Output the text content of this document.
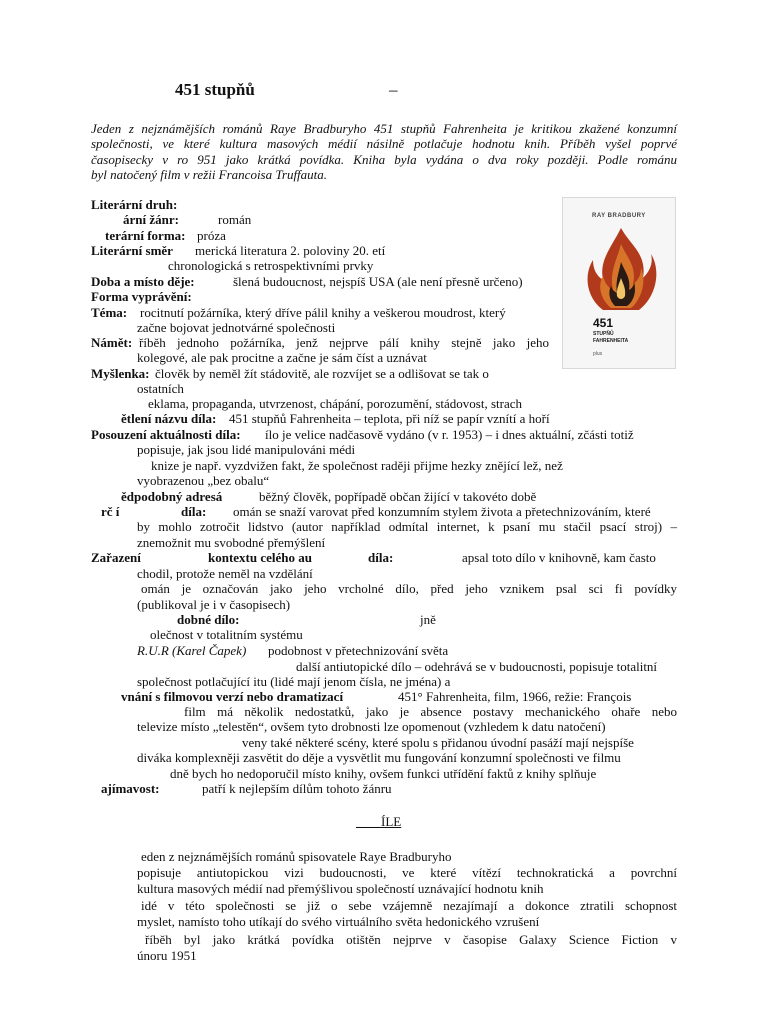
451 stupňů	–
Jeden z nejznámějších románů Raye Bradburyho 451 stupňů Fahrenheita je kritikou zkažené konzumní
společnosti, ve které kultura masových médií násilně potlačuje hodnotu knih. Příběh vyšel poprvé
časopisecky v ro 951 jako krátká povídka. Kniha byla vydána o dva roky později. Podle románu
byl natočený film v režii Francoisa Truffauta.
RAY BRADBURY
451
STUPŇŮ
FAHRENHEITA
plus
Literární druh:
ární žánr:	román
terární forma: próza
Literární směr merická literatura 2. poloviny 20. etí
chronologická s retrospektivními prvky
Doba a místo děje:	šlená budoucnost, nejspíš USA (ale není přesně určeno)
Forma vyprávění:
Téma: rocitnutí požárníka, který dříve pálil knihy a veškerou moudrost, který
začne bojovat jednotvárné společnosti
Námět: říběh jednoho požárníka, jenž nejprve pálí knihy stejně jako jeho
kolegové, ale pak procitne a začne je sám číst a uznávat
Myšlenka: člověk by neměl žít stádovitě, ale rozvíjet se a odlišovat se tak o
ostatních
eklama, propaganda, utvrzenost, chápání, porozumění, stádovost, strach
ětlení názvu díla: 451 stupňů Fahrenheita – teplota, při níž se papír vznítí a hoří
Posouzení aktuálnosti díla: ílo je velice nadčasově vydáno (v r. 1953) – i dnes aktuální, zčásti totiž
popisuje, jak jsou lidé manipulováni médi
knize je např. vyzdvižen fakt, že společnost raději přijme hezky znějící lež, než
vyobrazenou „bez obalu“
ědpodobný adresá	běžný člověk, popřípadě občan žijící v takovéto době
rč í	díla: omán se snaží varovat před konzumním stylem života a přetechnizováním, které
by mohlo zotročit lidstvo (autor například odmítal internet, k psaní mu stačil psací stroj) –
znemožnit mu svobodné přemýšlení
Zařazení	kontextu celého au	díla:	apsal toto dílo v knihovně, kam často
chodil, protože neměl na vzdělání
omán je označován jako jeho vrcholné dílo, před jeho vznikem psal sci fi povídky
(publikoval je i v časopisech)
dobné dílo:	jně
olečnost v totalitním systému
R.U.R (Karel Čapek) podobnost v přetechnizování světa
další antiutopické dílo – odehrává se v budoucnosti, popisuje totalitní
společnost potlačující itu (lidé mají jenom čísla, ne jména) a
vnání s filmovou verzí nebo dramatizací	451° Fahrenheita, film, 1966, režie: François
film má několik nedostatků, jako je absence postavy mechanického ohaře nebo
televize místo „telestěn“, ovšem tyto drobnosti lze opomenout (vzhledem k datu natočení)
veny také některé scény, které spolu s přidanou úvodní pasáží mají nejspíše
diváka komplexněji zasvětit do děje a vysvětlit mu fungování konzumní společnosti ve filmu
dně bych ho nedoporučil místo knihy, ovšem funkci utřídění faktů z knihy splňuje
ajímavost:	patří k nejlepším dílům tohoto žánru
____ ÍLE
eden z nejznámějších románů spisovatele Raye Bradburyho
popisuje antiutopickou vizi budoucnosti, ve které vítězí technokratická a povrchní
kultura masových médií nad přemýšlivou společností uznávající hodnotu knih
idé v této společnosti se již o sebe vzájemně nezajímají a dokonce ztratili schopnost
myslet, namísto toho utíkají do svého virtuálního světa hedonického vzrušení
říběh byl jako krátká povídka otištěn nejprve v časopise Galaxy Science Fiction v
únoru 1951
